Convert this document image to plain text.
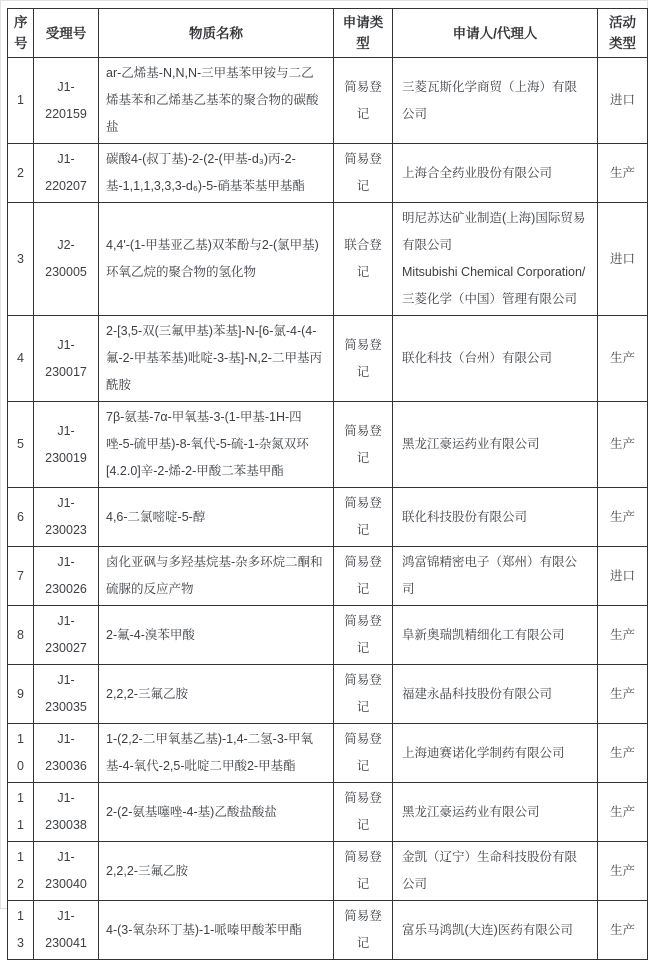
序号	受理号	物质名称	申请类型	申请人/代理人	活动类型
1	J1-220159	ar-乙烯基-N,N,N-三甲基苯甲铵与二乙烯基苯和乙烯基乙基苯的聚合物的碳酸盐	简易登记	三菱瓦斯化学商贸（上海）有限公司	进口
2	J1-220207	碳酸4-(叔丁基)-2-(2-(甲基-d₃)丙-2-基-1,1,1,3,3,3-d₆)-5-硝基苯基甲基酯	简易登记	上海合全药业股份有限公司	生产
3	J2-230005	4,4'-(1-甲基亚乙基)双苯酚与2-(氯甲基)环氧乙烷的聚合物的氢化物	联合登记	明尼苏达矿业制造(上海)国际贸易有限公司
Mitsubishi Chemical Corporation/三菱化学（中国）管理有限公司	进口
4	J1-230017	2-[3,5-双(三氟甲基)苯基]-N-[6-氯-4-(4-氟-2-甲基苯基)吡啶-3-基]-N,2-二甲基丙酰胺	简易登记	联化科技（台州）有限公司	生产
5	J1-230019	7β-氨基-7α-甲氧基-3-(1-甲基-1H-四唑-5-硫甲基)-8-氧代-5-硫-1-杂氮双环[4.2.0]辛-2-烯-2-甲酸二苯基甲酯	简易登记	黑龙江豪运药业有限公司	生产
6	J1-230023	4,6-二氯嘧啶-5-醇	简易登记	联化科技股份有限公司	生产
7	J1-230026	卤化亚砜与多羟基烷基-杂多环烷二酮和硫脲的反应产物	简易登记	鸿富锦精密电子（郑州）有限公司	进口
8	J1-230027	2-氟-4-溴苯甲酸	简易登记	阜新奥瑞凯精细化工有限公司	生产
9	J1-230035	2,2,2-三氟乙胺	简易登记	福建永晶科技股份有限公司	生产
10	J1-230036	1-(2,2-二甲氧基乙基)-1,4-二氢-3-甲氧基-4-氧代-2,5-吡啶二甲酸2-甲基酯	简易登记	上海迪赛诺化学制药有限公司	生产
11	J1-230038	2-(2-氨基噻唑-4-基)乙酸盐酸盐	简易登记	黑龙江豪运药业有限公司	生产
12	J1-230040	2,2,2-三氟乙胺	简易登记	金凯（辽宁）生命科技股份有限公司	生产
13	J1-230041	4-(3-氧杂环丁基)-1-哌嗪甲酸苯甲酯	简易登记	富乐马鸿凯(大连)医药有限公司	生产
